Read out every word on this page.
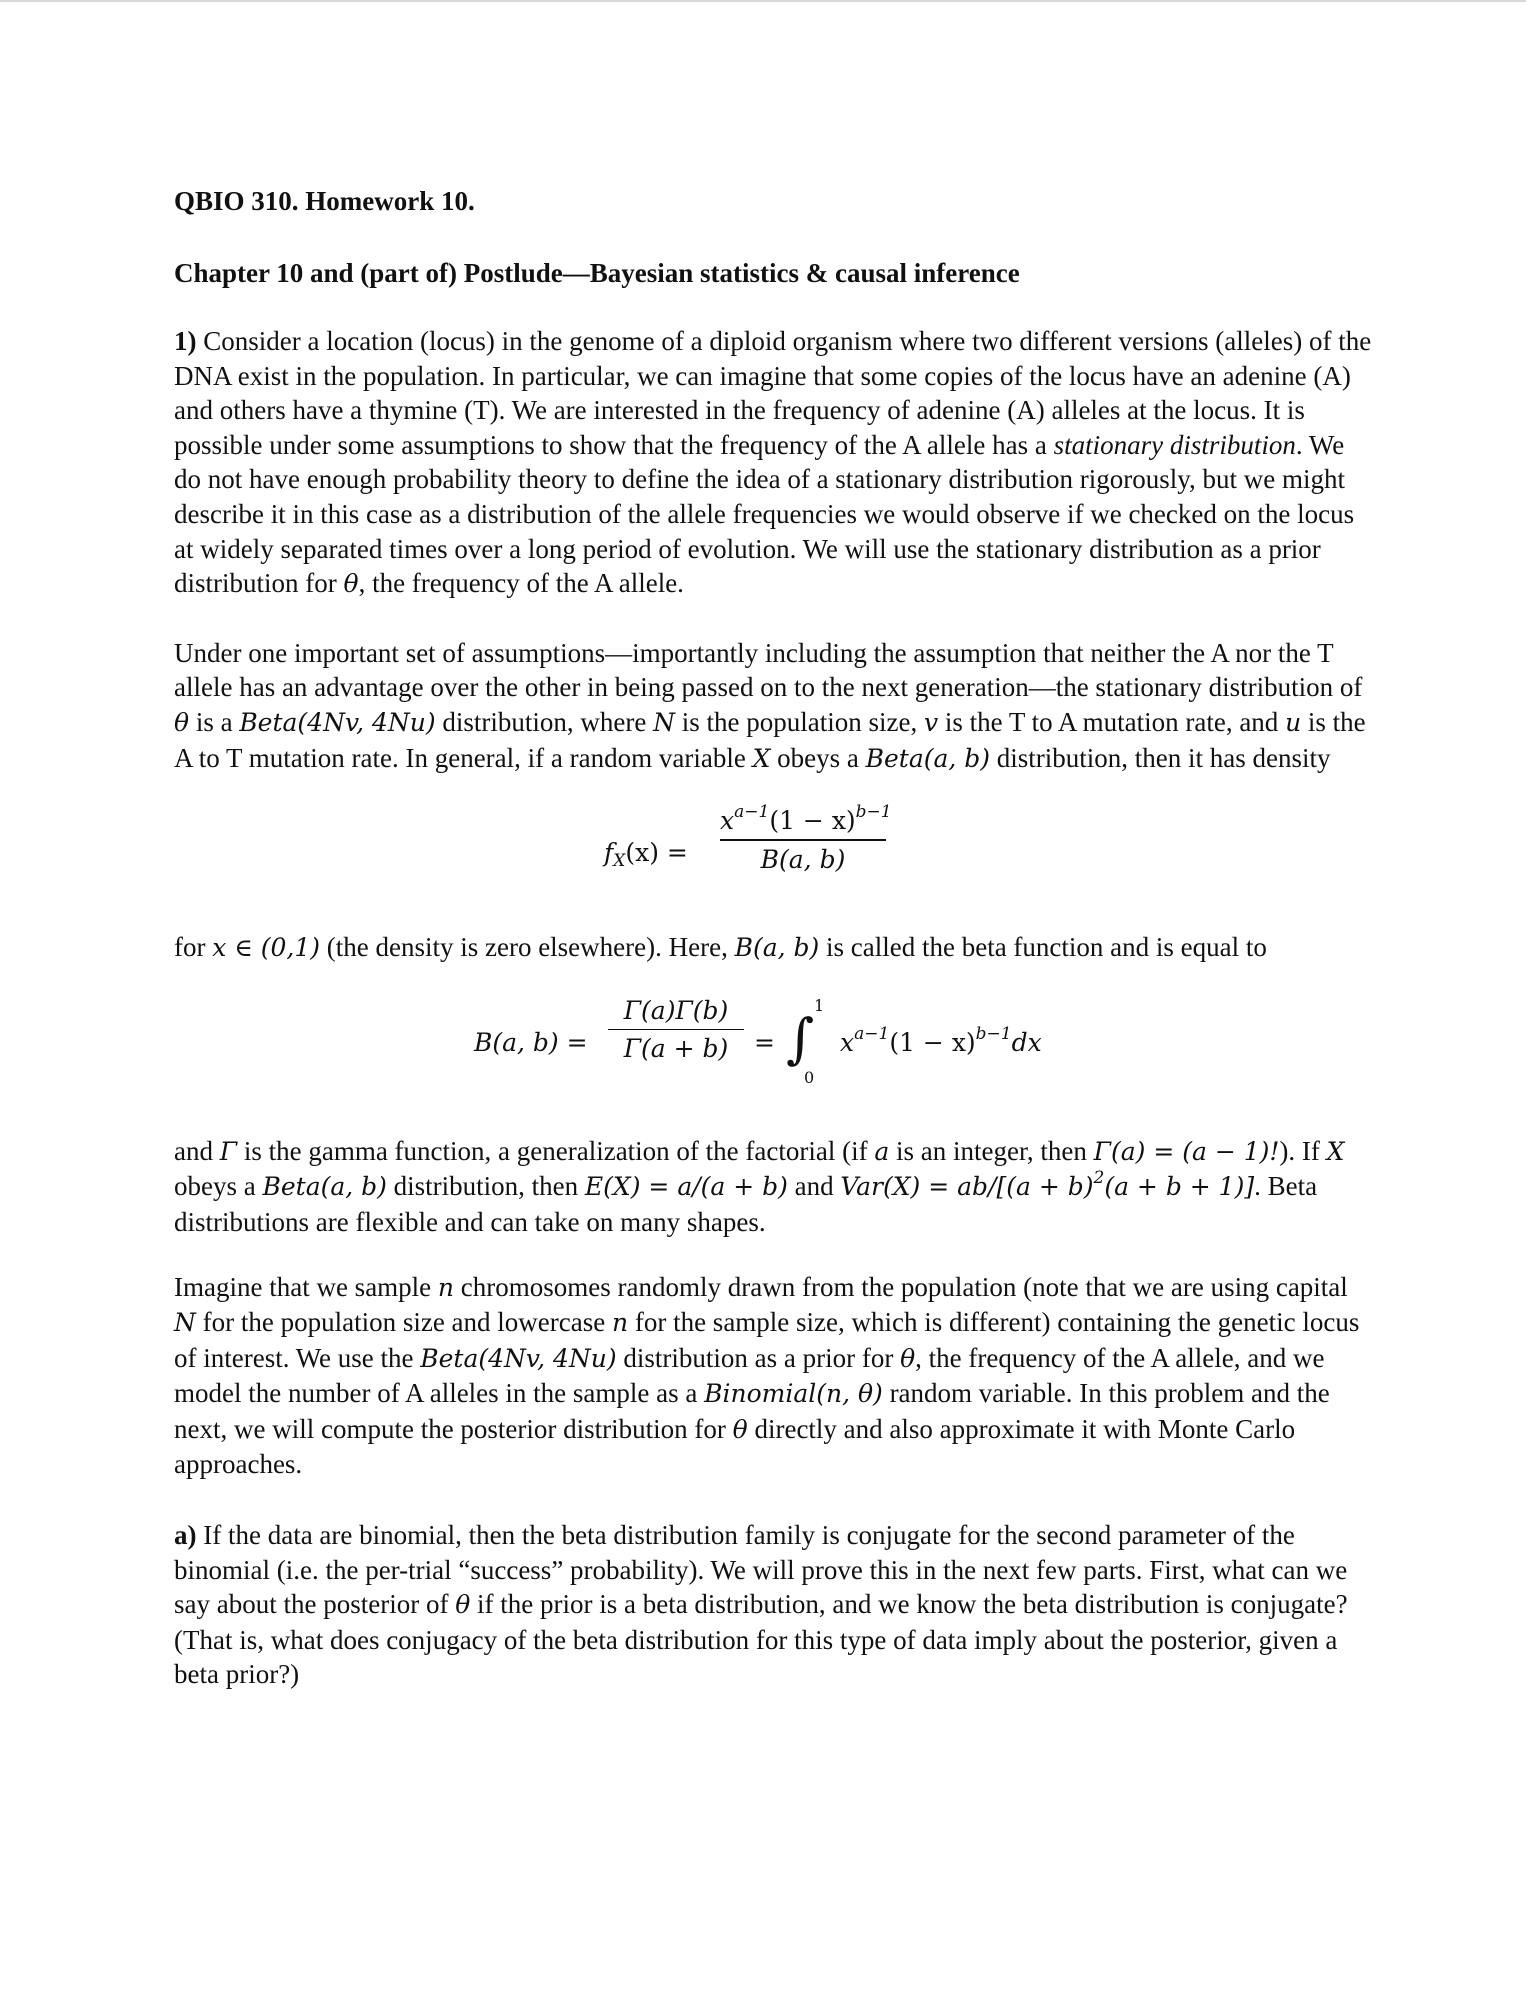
QBIO 310. Homework 10.

Chapter 10 and (part of) Postlude—Bayesian statistics & causal inference

1) Consider a location (locus) in the genome of a diploid organism where two different versions (alleles) of the DNA exist in the population. In particular, we can imagine that some copies of the locus have an adenine (A) and others have a thymine (T). We are interested in the frequency of adenine (A) alleles at the locus. It is possible under some assumptions to show that the frequency of the A allele has a stationary distribution. We do not have enough probability theory to define the idea of a stationary distribution rigorously, but we might describe it in this case as a distribution of the allele frequencies we would observe if we checked on the locus at widely separated times over a long period of evolution. We will use the stationary distribution as a prior distribution for θ, the frequency of the A allele.

Under one important set of assumptions—importantly including the assumption that neither the A nor the T allele has an advantage over the other in being passed on to the next generation—the stationary distribution of θ is a Beta(4Nv, 4Nu) distribution, where N is the population size, v is the T to A mutation rate, and u is the A to T mutation rate. In general, if a random variable X obeys a Beta(a, b) distribution, then it has density

$f_X(x)$ =
$x^{a-1}(1 - x)^{b-1}$
B(a, b)

for x ∈ (0,1) (the density is zero elsewhere). Here, B(a, b) is called the beta function and is equal to

B(a, b) =
Γ(a)Γ(b)
Γ(a + b)	= ∫
1
0
$x^{a-1}(1 - x)^{b-1}dx$

and Γ is the gamma function, a generalization of the factorial (if a is an integer, then Γ(a) = (a − 1)!). If X obeys a Beta(a, b) distribution, then E(X) = a/(a + b) and $Var(X) = ab/[(a + b)^2(a + b + 1)]$. Beta distributions are flexible and can take on many shapes.

Imagine that we sample n chromosomes randomly drawn from the population (note that we are using capital N for the population size and lowercase n for the sample size, which is different) containing the genetic locus of interest. We use the Beta(4Nv, 4Nu) distribution as a prior for θ, the frequency of the A allele, and we model the number of A alleles in the sample as a Binomial(n, θ) random variable. In this problem and the next, we will compute the posterior distribution for θ directly and also approximate it with Monte Carlo approaches.

a) If the data are binomial, then the beta distribution family is conjugate for the second parameter of the binomial (i.e. the per-trial “success” probability). We will prove this in the next few parts. First, what can we say about the posterior of θ if the prior is a beta distribution, and we know the beta distribution is conjugate? (That is, what does conjugacy of the beta distribution for this type of data imply about the posterior, given a beta prior?)
